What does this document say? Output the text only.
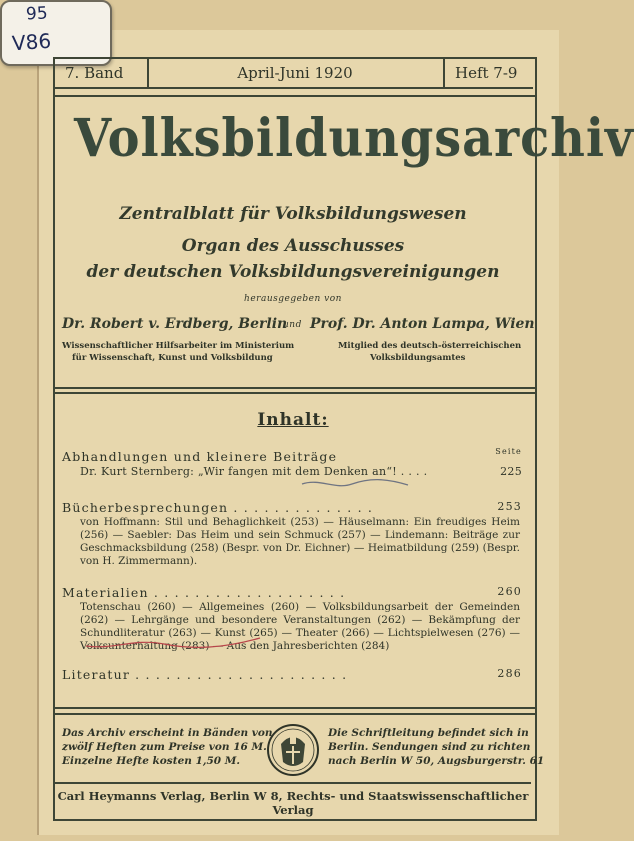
95
V86
7. Band	April-Juni 1920	Heft 7-9
Volksbildungsarchiv
Zentralblatt für Volksbildungswesen
Organ des Ausschusses
der deutschen Volksbildungsvereinigungen
herausgegeben von
Dr. Robert v. Erdberg, Berlin
und Prof. Dr. Anton Lampa, Wien
Wissenschaftlicher Hilfsarbeiter im Ministerium
für Wissenschaft, Kunst und Volksbildung
Mitglied des deutsch-österreichischen
Volksbildungsamtes
Inhalt:
Abhandlungen und kleinere Beiträge	Seite
Dr. Kurt Sternberg: „Wir fangen mit dem Denken an“! . . . .	225
Bücherbesprechungen . . . . . . . . . . . . . .	253
von Hoffmann: Stil und Behaglichkeit (253) — Häuselmann: Ein freudiges Heim (256) — Saebler: Das Heim und sein Schmuck (257) — Lindemann: Beiträge zur Geschmacksbildung (258) (Bespr. von Dr. Eichner) — Heimatbildung (259) (Bespr. von H. Zimmermann).
Materialien . . . . . . . . . . . . . . . . . . .	260
Totenschau (260) — Allgemeines (260) — Volksbildungsarbeit der Gemeinden (262) — Lehrgänge und besondere Veranstaltungen (262) — Bekämpfung der Schundliteratur (263) — Kunst (265) — Theater (266) — Lichtspielwesen (276) — Volksunterhaltung (283) — Aus den Jahresberichten (284)
Literatur . . . . . . . . . . . . . . . . . . . . .	286
Das Archiv erscheint in Bänden von
zwölf Heften zum Preise von 16 M.
Einzelne Hefte kosten 1,50 M.
Die Schriftleitung befindet sich in
Berlin. Sendungen sind zu richten
nach Berlin W 50, Augsburgerstr. 61
Carl Heymanns Verlag, Berlin W 8, Rechts- und Staatswissenschaftlicher Verlag
